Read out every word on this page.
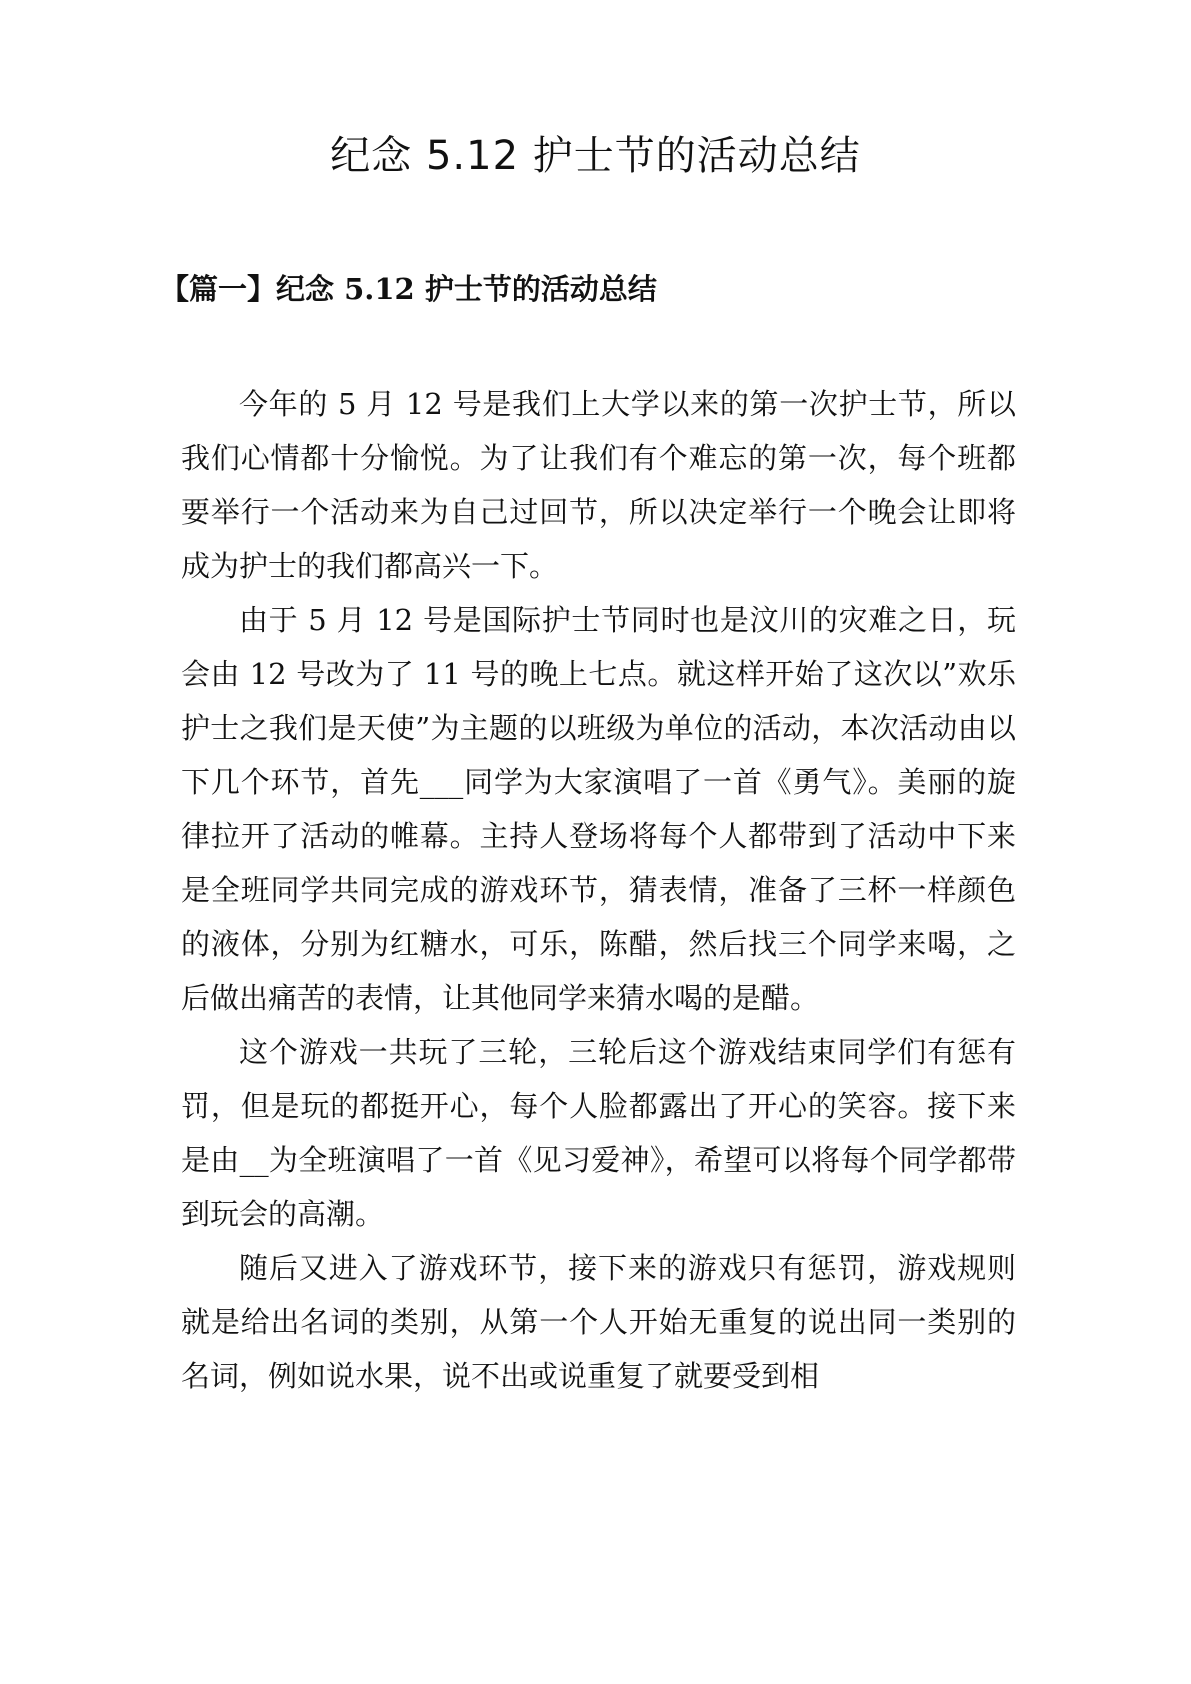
纪念 5.12 护士节的活动总结
【篇一】纪念 5.12 护士节的活动总结

今年的 5 月 12 号是我们上大学以来的第一次护士节，所以我们心情都十分愉悦。为了让我们有个难忘的第一次，每个班都要举行一个活动来为自己过回节，所以决定举行一个晚会让即将成为护士的我们都高兴一下。

由于 5 月 12 号是国际护士节同时也是汶川的灾难之日，玩会由 12 号改为了 11 号的晚上七点。就这样开始了这次以”欢乐护士之我们是天使”为主题的以班级为单位的活动，本次活动由以下几个环节，首先___同学为大家演唱了一首《勇气》。美丽的旋律拉开了活动的帷幕。主持人登场将每个人都带到了活动中下来是全班同学共同完成的游戏环节，猜表情，准备了三杯一样颜色的液体，分别为红糖水，可乐，陈醋，然后找三个同学来喝，之后做出痛苦的表情，让其他同学来猜水喝的是醋。

这个游戏一共玩了三轮，三轮后这个游戏结束同学们有惩有罚，但是玩的都挺开心，每个人脸都露出了开心的笑容。接下来是由__为全班演唱了一首《见习爱神》，希望可以将每个同学都带到玩会的高潮。

随后又进入了游戏环节，接下来的游戏只有惩罚，游戏规则就是给出名词的类别，从第一个人开始无重复的说出同一类别的名词，例如说水果，说不出或说重复了就要受到相
